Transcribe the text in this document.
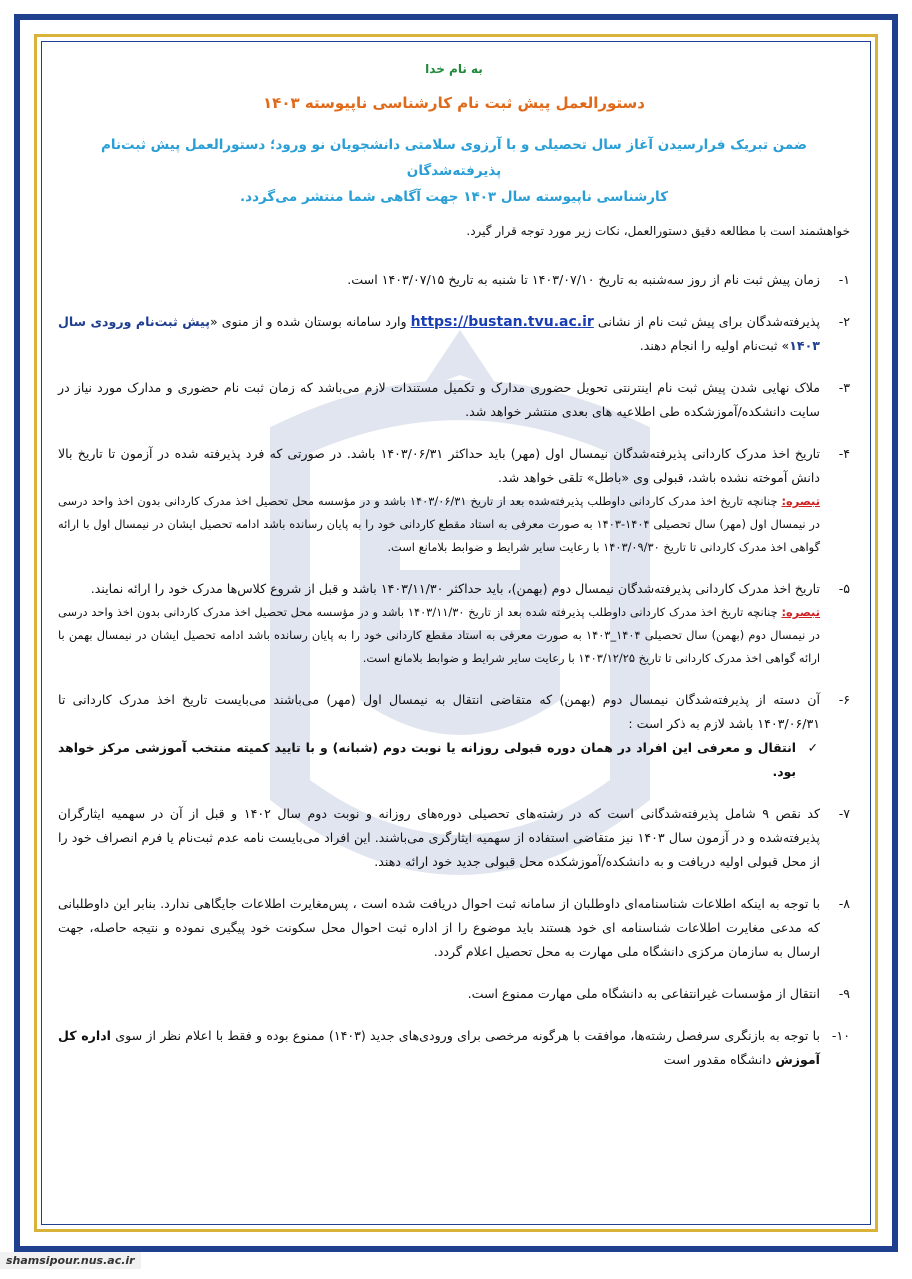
به نام خدا
دستورالعمل پیش ثبت نام کارشناسی ناپیوسته ۱۴۰۳
ضمن تبریک فرارسیدن آغاز سال تحصیلی و با آرزوی سلامتی دانشجویان نو ورود؛ دستورالعمل پیش ثبت‌نام پذیرفته‌شدگان
کارشناسی ناپیوسته سال ۱۴۰۳ جهت آگاهی شما منتشر می‌گردد.
خواهشمند است با مطالعه دقیق دستورالعمل، نکات زیر مورد توجه قرار گیرد.
۱-
زمان پیش ثبت نام از روز سه‌شنبه به تاریخ ۱۴۰۳/۰۷/۱۰ تا شنبه به تاریخ ۱۴۰۳/۰۷/۱۵ است.
۲-
پذیرفته‌شدگان برای پیش ثبت نام از نشانی https://bustan.tvu.ac.ir وارد سامانه بوستان شده و از منوی «پیش ثبت‌نام ورودی سال ۱۴۰۳» ثبت‌نام اولیه را انجام دهند.
۳-
ملاک نهایی شدن پیش ثبت نام اینترنتی تحویل حضوری مدارک و تکمیل مستندات لازم می‌باشد که زمان ثبت نام حضوری و مدارک مورد نیاز در سایت دانشکده/آموزشکده طی اطلاعیه های بعدی منتشر خواهد شد.
۴-
تاریخ اخذ مدرک کاردانی پذیرفته‌شدگان نیمسال اول (مهر) باید حداکثر ۱۴۰۳/۰۶/۳۱ باشد. در صورتی که فرد پذیرفته شده در آزمون تا تاریخ بالا دانش آموخته نشده باشد، قبولی وی «باطل» تلقی خواهد شد.
تبصره: چنانچه تاریخ اخذ مدرک کاردانی داوطلب پذیرفته‌شده بعد از تاریخ ۱۴۰۳/۰۶/۳۱ باشد و در مؤسسه محل تحصیل اخذ مدرک کاردانی بدون اخذ واحد درسی در نیمسال اول (مهر) سال تحصیلی ۱۴۰۴-۱۴۰۳ به صورت معرفی به استاد مقطع کاردانی خود را به پایان رسانده باشد ادامه تحصیل ایشان در نیمسال اول با ارائه گواهی اخذ مدرک کاردانی تا تاریخ ۱۴۰۳/۰۹/۳۰ با رعایت سایر شرایط و ضوابط بلامانع است.
۵-
تاریخ اخذ مدرک کاردانی پذیرفته‌شدگان نیمسال دوم (بهمن)، باید حداکثر ۱۴۰۳/۱۱/۳۰ باشد و قبل از شروع کلاس‌ها مدرک خود را ارائه نمایند.
تبصره: چنانچه تاریخ اخذ مدرک کاردانی داوطلب پذیرفته شده بعد از تاریخ ۱۴۰۳/۱۱/۳۰ باشد و در مؤسسه محل تحصیل اخذ مدرک کاردانی بدون اخذ واحد درسی در نیمسال دوم (بهمن) سال تحصیلی ۱۴۰۴_۱۴۰۳ به صورت معرفی به استاد مقطع کاردانی خود را به پایان رسانده باشد ادامه تحصیل ایشان در نیمسال بهمن با ارائه گواهی اخذ مدرک کاردانی تا تاریخ ۱۴۰۳/۱۲/۲۵ با رعایت سایر شرایط و ضوابط بلامانع است.
۶-
آن دسته از پذیرفته‌شدگان نیمسال دوم (بهمن) که متقاضی انتقال به نیمسال اول (مهر) می‌باشند می‌بایست تاریخ اخذ مدرک کاردانی تا ۱۴۰۳/۰۶/۳۱ باشد لازم به ذکر است :
✓
انتقال و معرفی این افراد در همان دوره قبولی روزانه یا نوبت دوم (شبانه) و با تایید کمیته منتخب آموزشی مرکز خواهد بود.
۷-
کد نقص ۹ شامل پذیرفته‌شدگانی است که در رشته‌های تحصیلی دوره‌های روزانه و نوبت دوم سال ۱۴۰۲ و قبل از آن در سهمیه ایثارگران پذیرفته‌شده و در آزمون سال ۱۴۰۳ نیز متقاضی استفاده از سهمیه ایثارگری می‌باشند. این افراد می‌بایست نامه عدم ثبت‌نام یا فرم انصراف خود را از محل قبولی اولیه دریافت و به دانشکده/آموزشکده محل قبولی جدید خود ارائه دهند.
۸-
با توجه به اینکه اطلاعات شناسنامه‌ای داوطلبان از سامانه ثبت احوال دریافت شده است ، پس‌مغایرت اطلاعات جایگاهی ندارد. بنابر این داوطلبانی که مدعی مغایرت اطلاعات شناسنامه ای خود هستند باید موضوع را از اداره ثبت احوال محل سکونت خود پیگیری نموده و نتیجه حاصله، جهت ارسال به سازمان مرکزی دانشگاه ملی مهارت به محل تحصیل اعلام گردد.
۹-
انتقال از مؤسسات غیرانتفاعی به دانشگاه ملی مهارت ممنوع است.
۱۰-
با توجه به بازنگری سرفصل رشته‌ها، موافقت با هرگونه مرخصی برای ورودی‌های جدید (۱۴۰۳) ممنوع بوده و فقط با اعلام نظر از سوی اداره کل آموزش دانشگاه مقدور است
shamsipour.nus.ac.ir
